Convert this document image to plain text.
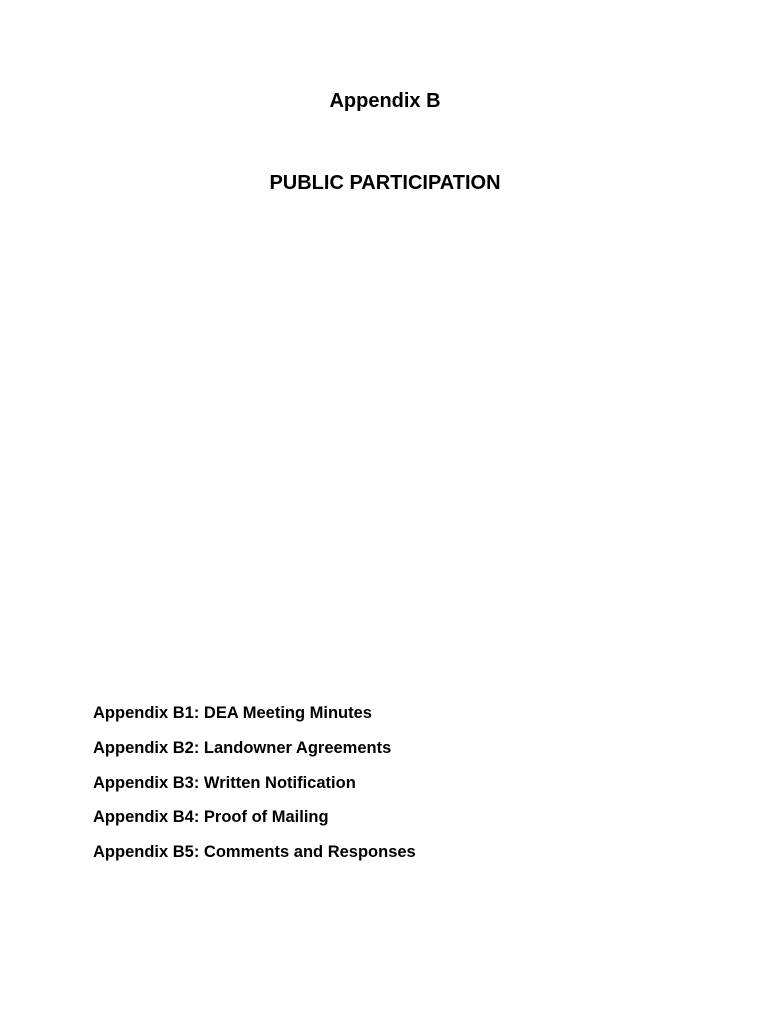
Appendix B
PUBLIC PARTICIPATION
Appendix B1: DEA Meeting Minutes
Appendix B2: Landowner Agreements
Appendix B3: Written Notification
Appendix B4: Proof of Mailing
Appendix B5: Comments and Responses
